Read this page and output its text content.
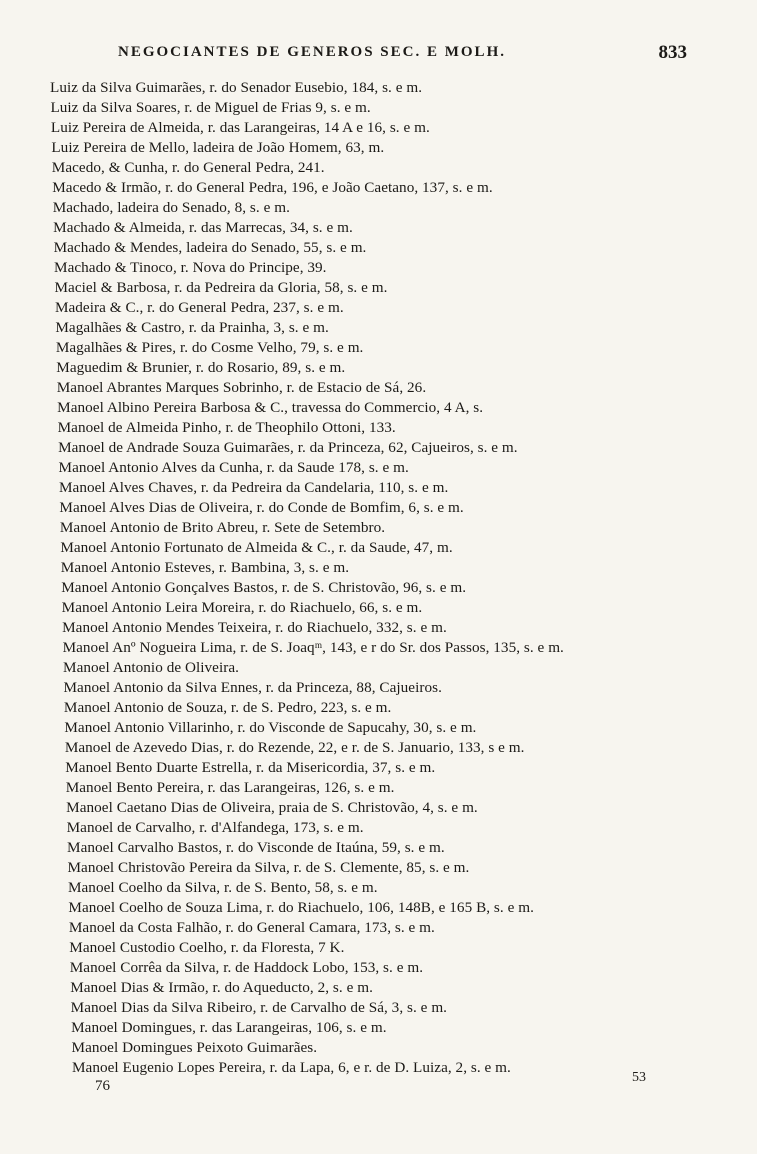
NEGOCIANTES DE GENEROS SEC. E MOLH.	833
Luiz da Silva Guimarães, r. do Senador Eusebio, 184, s. e m.
Luiz da Silva Soares, r. de Miguel de Frias 9, s. e m.
Luiz Pereira de Almeida, r. das Larangeiras, 14 A e 16, s. e m.
Luiz Pereira de Mello, ladeira de João Homem, 63, m.
Macedo, & Cunha, r. do General Pedra, 241.
Macedo & Irmão, r. do General Pedra, 196, e João Caetano, 137, s. e m.
Machado, ladeira do Senado, 8, s. e m.
Machado & Almeida, r. das Marrecas, 34, s. e m.
Machado & Mendes, ladeira do Senado, 55, s. e m.
Machado & Tinoco, r. Nova do Principe, 39.
Maciel & Barbosa, r. da Pedreira da Gloria, 58, s. e m.
Madeira & C., r. do General Pedra, 237, s. e m.
Magalhães & Castro, r. da Prainha, 3, s. e m.
Magalhães & Pires, r. do Cosme Velho, 79, s. e m.
Maguedim & Brunier, r. do Rosario, 89, s. e m.
Manoel Abrantes Marques Sobrinho, r. de Estacio de Sá, 26.
Manoel Albino Pereira Barbosa & C., travessa do Commercio, 4 A, s.
Manoel de Almeida Pinho, r. de Theophilo Ottoni, 133.
Manoel de Andrade Souza Guimarães, r. da Princeza, 62, Cajueiros, s. e m.
Manoel Antonio Alves da Cunha, r. da Saude 178, s. e m.
Manoel Alves Chaves, r. da Pedreira da Candelaria, 110, s. e m.
Manoel Alves Dias de Oliveira, r. do Conde de Bomfim, 6, s. e m.
Manoel Antonio de Brito Abreu, r. Sete de Setembro.
Manoel Antonio Fortunato de Almeida & C., r. da Saude, 47, m.
Manoel Antonio Esteves, r. Bambina, 3, s. e m.
Manoel Antonio Gonçalves Bastos, r. de S. Christovão, 96, s. e m.
Manoel Antonio Leira Moreira, r. do Riachuelo, 66, s. e m.
Manoel Antonio Mendes Teixeira, r. do Riachuelo, 332, s. e m.
Manoel Anº Nogueira Lima, r. de S. Joaqᵐ, 143, e r do Sr. dos Passos, 135, s. e m.
Manoel Antonio de Oliveira.
Manoel Antonio da Silva Ennes, r. da Princeza, 88, Cajueiros.
Manoel Antonio de Souza, r. de S. Pedro, 223, s. e m.
Manoel Antonio Villarinho, r. do Visconde de Sapucahy, 30, s. e m.
Manoel de Azevedo Dias, r. do Rezende, 22, e r. de S. Januario, 133, s e m.
Manoel Bento Duarte Estrella, r. da Misericordia, 37, s. e m.
Manoel Bento Pereira, r. das Larangeiras, 126, s. e m.
Manoel Caetano Dias de Oliveira, praia de S. Christovão, 4, s. e m.
Manoel de Carvalho, r. d'Alfandega, 173, s. e m.
Manoel Carvalho Bastos, r. do Visconde de Itaúna, 59, s. e m.
Manoel Christovão Pereira da Silva, r. de S. Clemente, 85, s. e m.
Manoel Coelho da Silva, r. de S. Bento, 58, s. e m.
Manoel Coelho de Souza Lima, r. do Riachuelo, 106, 148B, e 165 B, s. e m.
Manoel da Costa Falhão, r. do General Camara, 173, s. e m.
Manoel Custodio Coelho, r. da Floresta, 7 K.
Manoel Corrêa da Silva, r. de Haddock Lobo, 153, s. e m.
Manoel Dias & Irmão, r. do Aqueducto, 2, s. e m.
Manoel Dias da Silva Ribeiro, r. de Carvalho de Sá, 3, s. e m.
Manoel Domingues, r. das Larangeiras, 106, s. e m.
Manoel Domingues Peixoto Guimarães.
Manoel Eugenio Lopes Pereira, r. da Lapa, 6, e r. de D. Luiza, 2, s. e m.
76
53
